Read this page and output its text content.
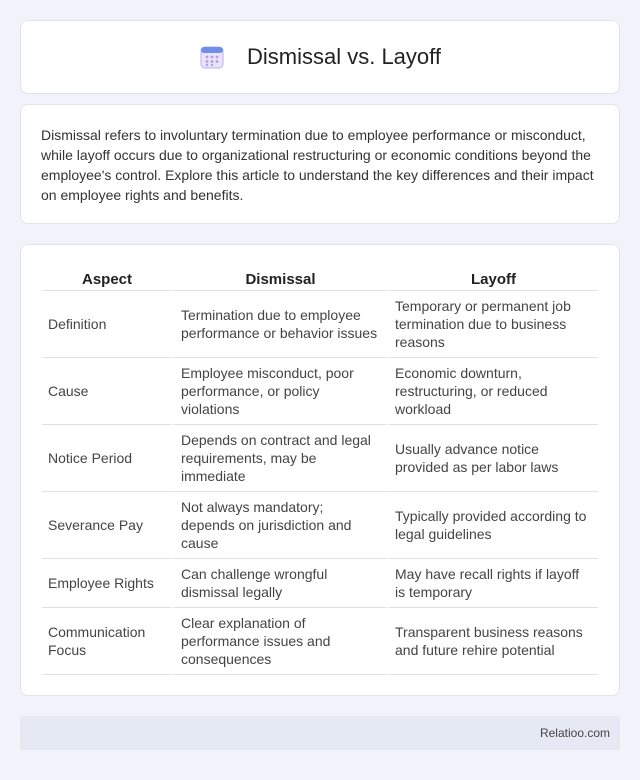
Dismissal vs. Layoff

Dismissal refers to involuntary termination due to employee performance or misconduct, while layoff occurs due to organizational restructuring or economic conditions beyond the employee's control. Explore this article to understand the key differences and their impact on employee rights and benefits.

Aspect	Dismissal	Layoff
Definition	Termination due to employee performance or behavior issues	Temporary or permanent job termination due to business reasons
Cause	Employee misconduct, poor performance, or policy violations	Economic downturn, restructuring, or reduced workload
Notice Period	Depends on contract and legal requirements, may be immediate	Usually advance notice provided as per labor laws
Severance Pay	Not always mandatory; depends on jurisdiction and cause	Typically provided according to legal guidelines
Employee Rights	Can challenge wrongful dismissal legally	May have recall rights if layoff is temporary
Communication Focus	Clear explanation of performance issues and consequences	Transparent business reasons and future rehire potential
Relatioo.com
